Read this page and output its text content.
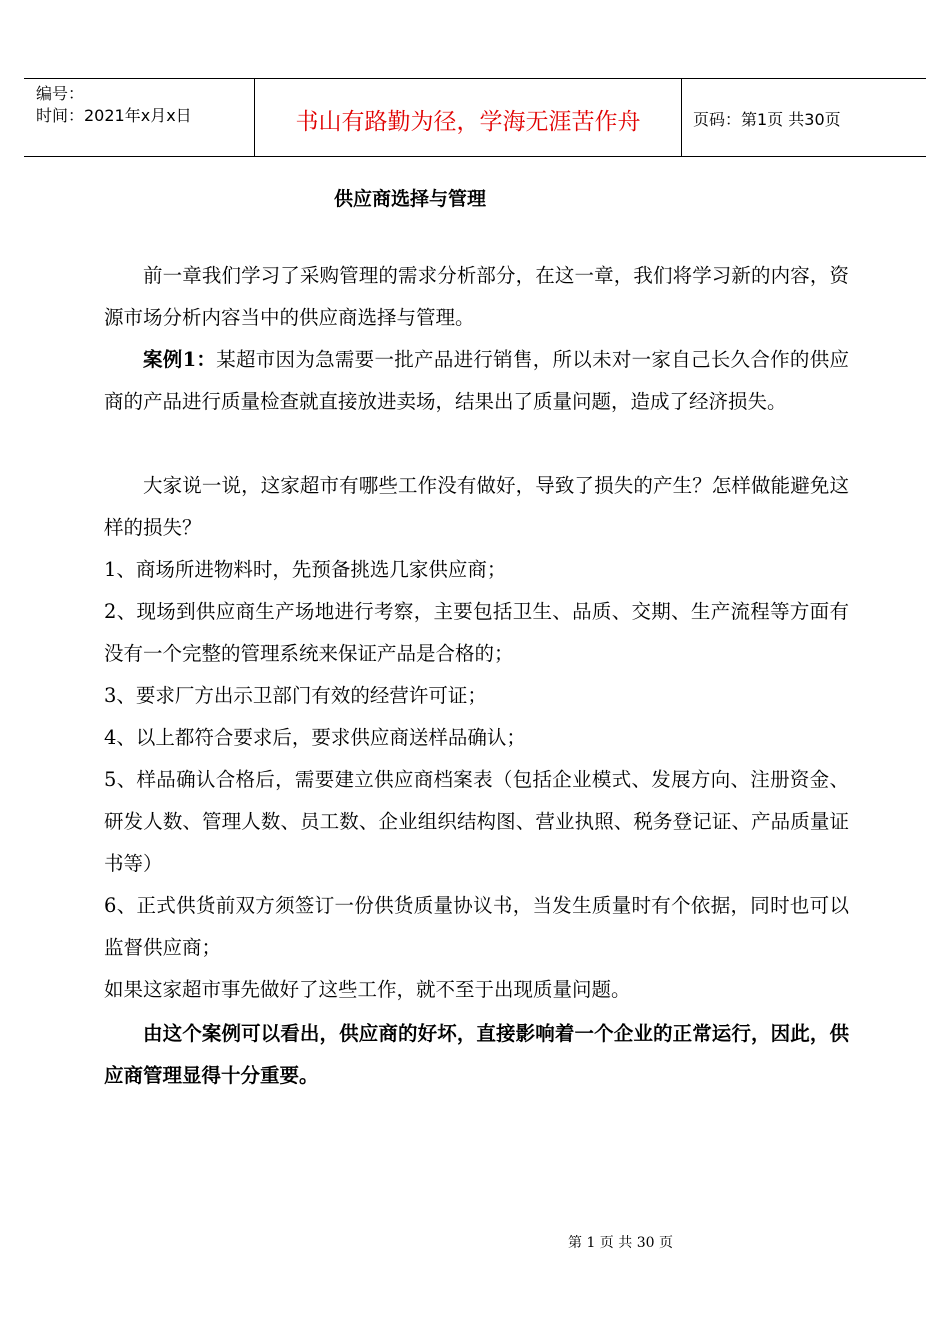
编号：
时间：2021年x月x日	书山有路勤为径，学海无涯苦作舟	页码：第1页 共30页
供应商选择与管理
前一章我们学习了采购管理的需求分析部分，在这一章，我们将学习新的内容，资源市场分析内容当中的供应商选择与管理。
案例1：某超市因为急需要一批产品进行销售，所以未对一家自己长久合作的供应商的产品进行质量检查就直接放进卖场，结果出了质量问题，造成了经济损失。
大家说一说，这家超市有哪些工作没有做好，导致了损失的产生？怎样做能避免这样的损失？
1、商场所进物料时，先预备挑选几家供应商；
2、现场到供应商生产场地进行考察，主要包括卫生、品质、交期、生产流程等方面有没有一个完整的管理系统来保证产品是合格的；
3、要求厂方出示卫部门有效的经营许可证；
4、以上都符合要求后，要求供应商送样品确认；
5、样品确认合格后，需要建立供应商档案表（包括企业模式、发展方向、注册资金、研发人数、管理人数、员工数、企业组织结构图、营业执照、税务登记证、产品质量证书等）
6、正式供货前双方须签订一份供货质量协议书，当发生质量时有个依据，同时也可以监督供应商；
如果这家超市事先做好了这些工作，就不至于出现质量问题。
由这个案例可以看出，供应商的好坏，直接影响着一个企业的正常运行，因此，供应商管理显得十分重要。
第 1 页 共 30 页
